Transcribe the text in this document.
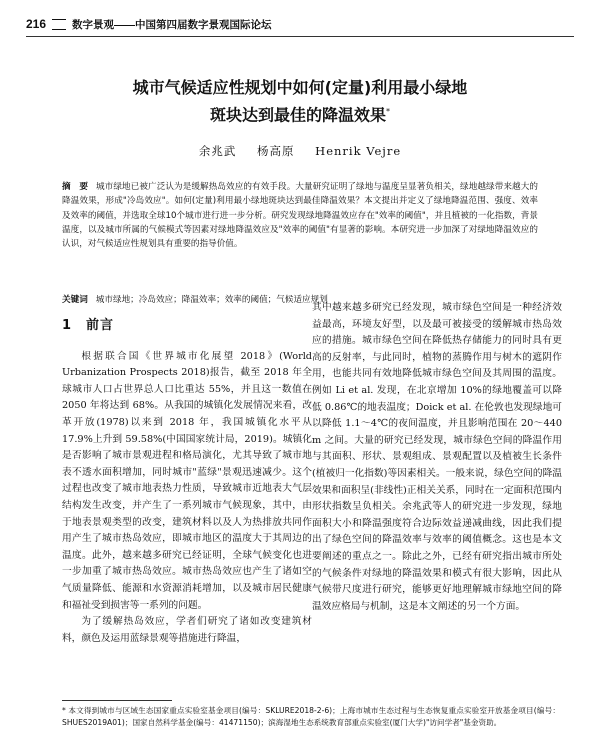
216 数字景观——中国第四届数字景观国际论坛
城市气候适应性规划中如何(定量)利用最小绿地
斑块达到最佳的降温效果*
余兆武 杨高原 Henrik Vejre
摘　要 城市绿地已被广泛认为是缓解热岛效应的有效手段。大量研究证明了绿地与温度呈显著负相关，绿地越绿带来越大的降温效果，形成"冷岛效应"。如何(定量)利用最小绿地斑块达到最佳降温效果？本文提出并定义了绿地降温范围、强度、效率及效率的阈值，并选取全球10个城市进行进一步分析。研究发现绿地降温效应存在"效率的阈值"，并且植被的一化指数，背景温度，以及城市所属的气候模式等因素对绿地降温效应及"效率的阈值"有显著的影响。本研究进一步加深了对绿地降温效应的认识，对气候适应性规划具有重要的指导价值。
关键词 城市绿地；冷岛效应；降温效率；效率的阈值；气候适应规划
1 前言

根据联合国《世界城市化展望 2018》(World Urbanization Prospects 2018)报告，截至 2018 年全球城市人口占世界总人口比重达 55%，并且这一数值在 2050 年将达到 68%。从我国的城镇化发展情况来看，改革开放(1978)以来到 2018 年，我国城镇化水平从 17.9%上升到 59.58%(中国国家统计局，2019)。城镇化是否影响了城市景观进程和格局演化，尤其导致了城市地表不透水面积增加，同时城市"蓝绿"景观迅速减少。这个过程也改变了城市地表热力性质，导致城市近地表大气层结构发生改变，并产生了一系列城市气候现象，其中，由于地表景观类型的改变，建筑材料以及人为热排放共同作用产生了城市热岛效应，即城市地区的温度大于其周边的温度。此外，越来越多研究已经证明，全球气候变化也进一步加重了城市热岛效应。城市热岛效应也产生了诸如空气质量降低、能源和水资源消耗增加，以及城市居民健康和福祉受到损害等一系列的问题。

为了缓解热岛效应，学者们研究了诸如改变建筑材料，颜色及运用蓝绿景观等措施进行降温，

其中越来越多研究已经发现，城市绿色空间是一种经济效益最高，环境友好型，以及最可被接受的缓解城市热岛效应的措施。城市绿色空间在降低热存储能力的同时具有更高的反射率，与此同时，植物的蒸腾作用与树木的遮阴作用，也能共同有效地降低城市绿色空间及其周围的温度。例如 Li et al. 发现，在北京增加 10%的绿地覆盖可以降低 0.86℃的地表温度；Doick et al. 在伦敦也发现绿地可以降低 1.1～4℃的夜间温度，并且影响范围在 20～440 m 之间。大量的研究已经发现，城市绿色空间的降温作用与其面积、形状、景观组成、景观配置以及植被生长条件(植被归一化指数)等因素相关。一般来说，绿色空间的降温效果和面积呈(非线性)正相关关系，同时在一定面积范围内形状指数呈负相关。余兆武等人的研究进一步发现，绿地面积大小和降温强度符合边际效益递减曲线，因此我们提出了绿色空间的降温效率与效率的阈值概念。这也是本文要阐述的重点之一。除此之外，已经有研究指出城市所处的气候条件对绿地的降温效果和模式有很大影响，因此从气候带尺度进行研究，能够更好地理解城市绿地空间的降温效应格局与机制，这是本文阐述的另一个方面。

* 本文得到城市与区域生态国家重点实验室基金项目(编号：SKLURE2018-2-6)；上海市城市生态过程与生态恢复重点实验室开放基金项目(编号：SHUES2019A01)；国家自然科学基金(编号：41471150)；滨海湿地生态系统教育部重点实验室(厦门大学)"访问学者"基金资助。
